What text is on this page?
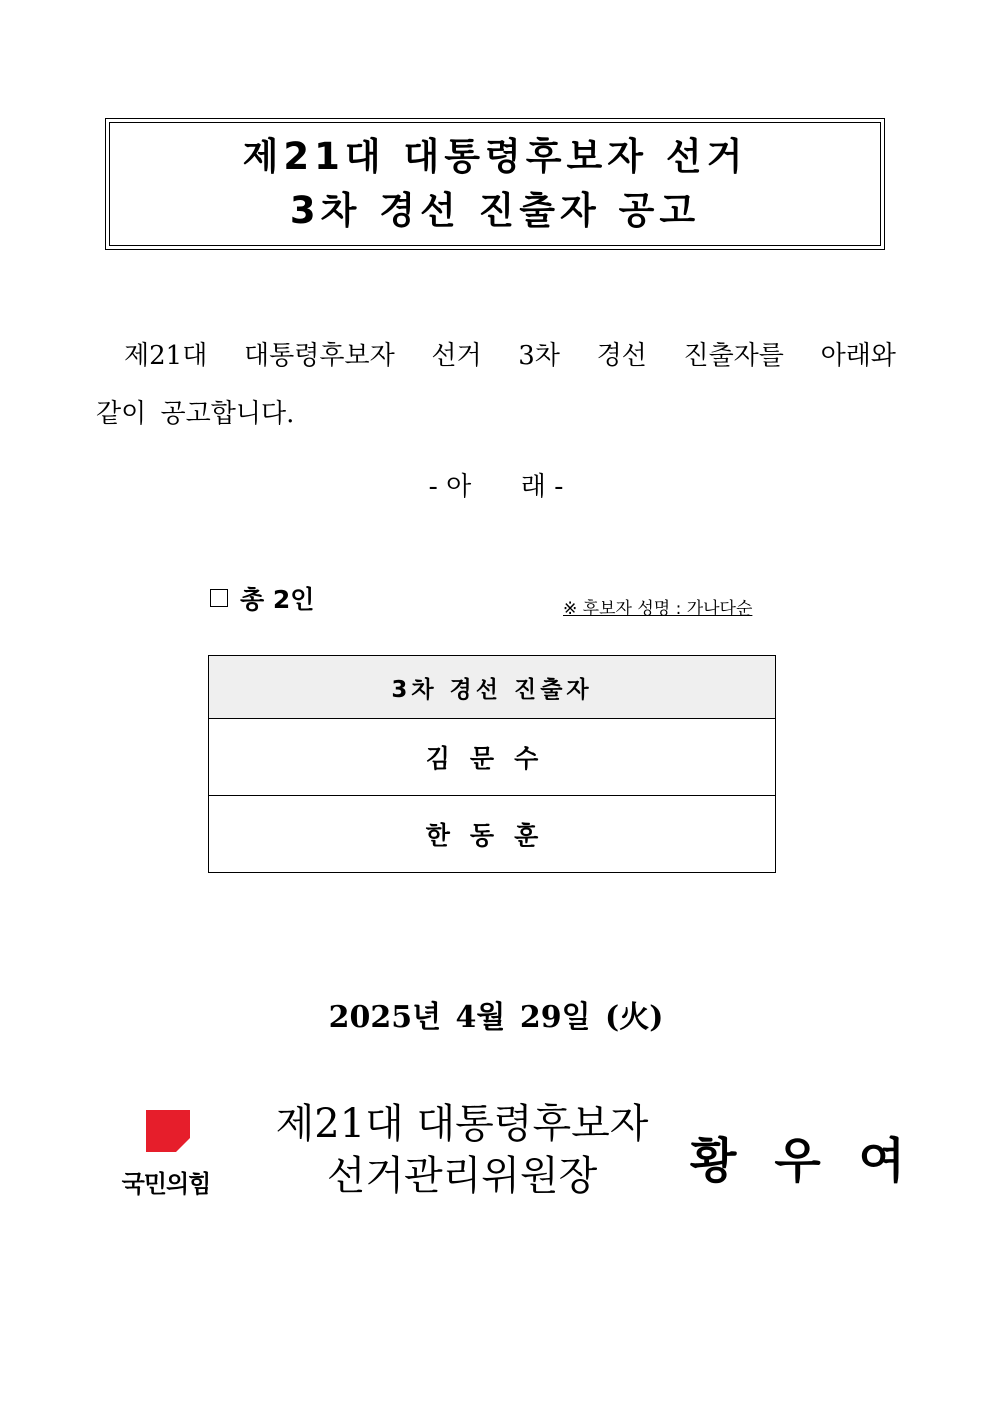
제21대 대통령후보자 선거
3차 경선 진출자 공고
제21대 대통령후보자 선거 3차 경선 진출자를 아래와
같이 공고합니다.
- 아      래 -
총 2인	※ 후보자 성명 : 가나다순
3차 경선 진출자
김문수
한동훈
2025년 4월 29일 (火)
국민의힘
제21대 대통령후보자
선거관리위원장	황 우 여
